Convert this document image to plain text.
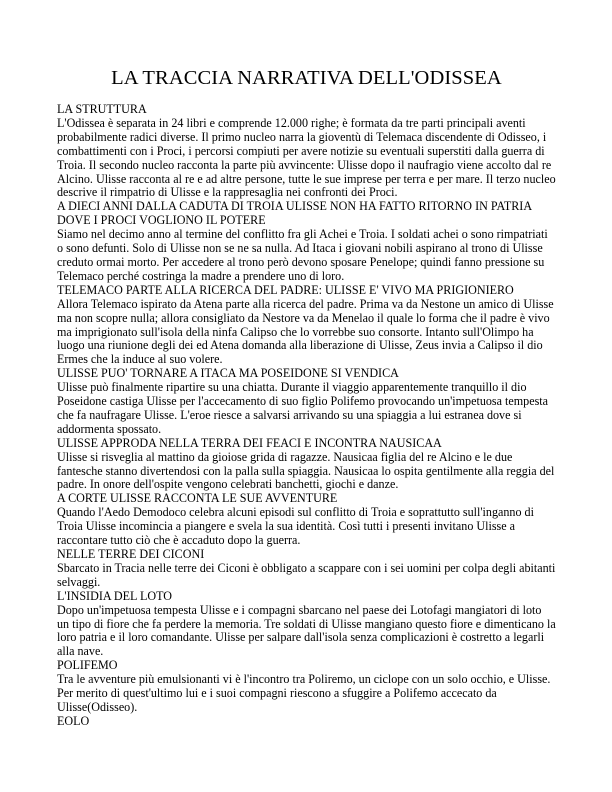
LA TRACCIA NARRATIVA DELL'ODISSEA

LA STRUTTURA

L'Odissea è separata in 24 libri e comprende 12.000 righe; è formata da tre parti principali aventi probabilmente radici diverse. Il primo nucleo narra la gioventù di Telemaca discendente di Odisseo, i combattimenti con i Proci, i percorsi compiuti per avere notizie su eventuali superstiti dalla guerra di Troia. Il secondo nucleo racconta la parte più avvincente: Ulisse dopo il naufragio viene accolto dal re Alcino. Ulisse racconta al re e ad altre persone, tutte le sue imprese per terra e per mare. Il terzo nucleo descrive il rimpatrio di Ulisse e la rappresaglia nei confronti dei Proci.

A DIECI ANNI DALLA CADUTA DI TROIA ULISSE NON HA FATTO RITORNO IN PATRIA DOVE I PROCI VOGLIONO IL POTERE

Siamo nel decimo anno al termine del conflitto fra gli Achei e Troia. I soldati achei o sono rimpatriati o sono defunti. Solo di Ulisse non se ne sa nulla. Ad Itaca i giovani nobili aspirano al trono di Ulisse creduto ormai morto. Per accedere al trono però devono sposare Penelope; quindi fanno pressione su Telemaco perché costringa la madre a prendere uno di loro.

TELEMACO PARTE ALLA RICERCA DEL PADRE: ULISSE E' VIVO MA PRIGIONIERO

Allora Telemaco ispirato da Atena parte alla ricerca del padre. Prima va da Nestone un amico di Ulisse ma non scopre nulla; allora consigliato da Nestore va da Menelao il quale lo forma che il padre è vivo ma imprigionato sull'isola della ninfa Calipso che lo vorrebbe suo consorte. Intanto sull'Olimpo ha luogo una riunione degli dei ed Atena domanda alla liberazione di Ulisse, Zeus invia a Calipso il dio Ermes che la induce al suo volere.

ULISSE PUO' TORNARE A ITACA MA POSEIDONE SI VENDICA

Ulisse può finalmente ripartire su una chiatta. Durante il viaggio apparentemente tranquillo il dio Poseidone castiga Ulisse per l'accecamento di suo figlio Polifemo provocando un'impetuosa tempesta che fa naufragare Ulisse. L'eroe riesce a salvarsi arrivando su una spiaggia a lui estranea dove si addormenta spossato.

ULISSE APPRODA NELLA TERRA DEI FEACI E INCONTRA NAUSICAA

Ulisse si risveglia al mattino da gioiose grida di ragazze. Nausicaa figlia del re Alcino e le due fantesche stanno divertendosi con la palla sulla spiaggia. Nausicaa lo ospita gentilmente alla reggia del padre. In onore dell'ospite vengono celebrati banchetti, giochi e danze.

A CORTE ULISSE RACCONTA LE SUE AVVENTURE

Quando l'Aedo Demodoco celebra alcuni episodi sul conflitto di Troia e soprattutto sull'inganno di Troia Ulisse incomincia a piangere e svela la sua identità. Così tutti i presenti invitano Ulisse a raccontare tutto ciò che è accaduto dopo la guerra.

NELLE TERRE DEI CICONI

Sbarcato in Tracia nelle terre dei Ciconi è obbligato a scappare con i sei uomini per colpa degli abitanti selvaggi.

L'INSIDIA DEL LOTO

Dopo un'impetuosa tempesta Ulisse e i compagni sbarcano nel paese dei Lotofagi mangiatori di loto un tipo di fiore che fa perdere la memoria. Tre soldati di Ulisse mangiano questo fiore e dimenticano la loro patria e il loro comandante. Ulisse per salpare dall'isola senza complicazioni è costretto a legarli alla nave.

POLIFEMO

Tra le avventure più emulsionanti vi è l'incontro tra Poliremo, un ciclope con un solo occhio, e Ulisse. Per merito di quest'ultimo lui e i suoi compagni riescono a sfuggire a Polifemo accecato da Ulisse(Odisseo).

EOLO
